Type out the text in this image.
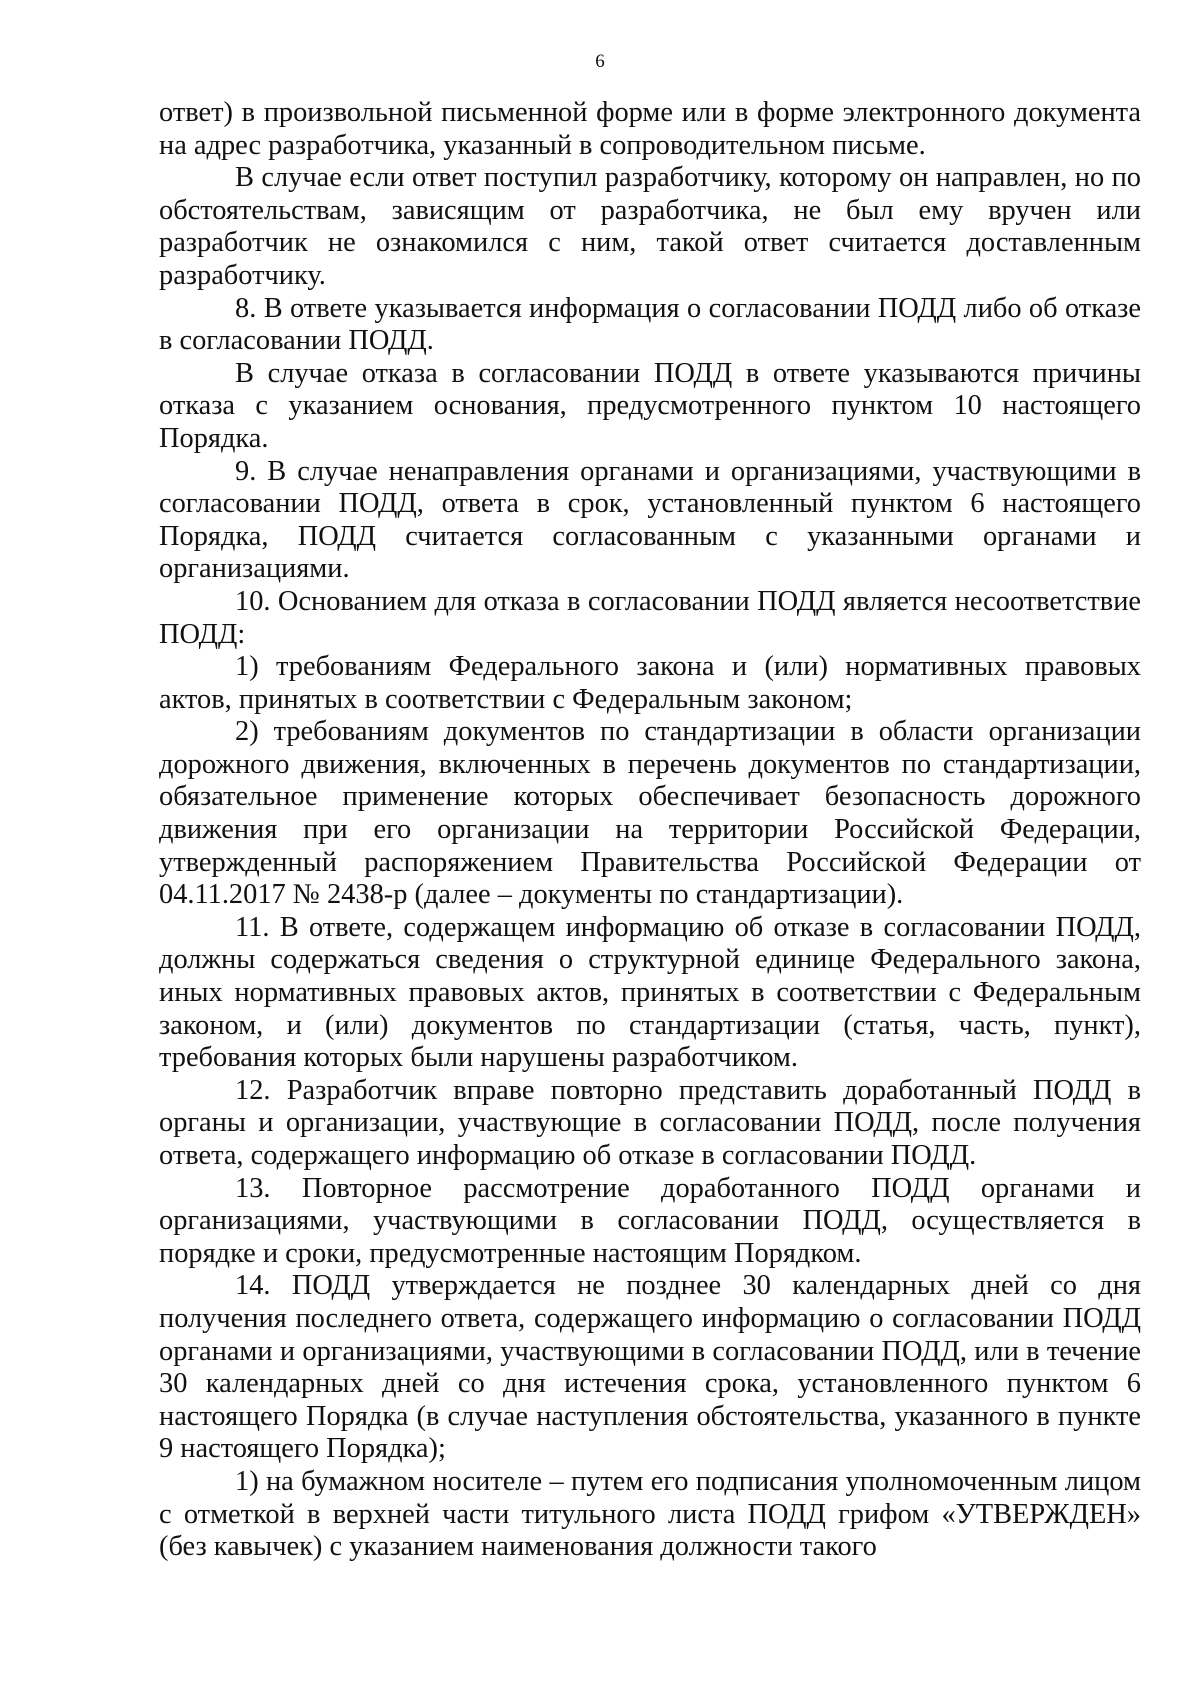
6

ответ) в произвольной письменной форме или в форме электронного документа на адрес разработчика, указанный в сопроводительном письме.

В случае если ответ поступил разработчику, которому он направлен, но по обстоятельствам, зависящим от разработчика, не был ему вручен или разработчик не ознакомился с ним, такой ответ считается доставленным разработчику.

8. В ответе указывается информация о согласовании ПОДД либо об отказе в согласовании ПОДД.

В случае отказа в согласовании ПОДД в ответе указываются причины отказа с указанием основания, предусмотренного пунктом 10 настоящего Порядка.

9. В случае ненаправления органами и организациями, участвующими в согласовании ПОДД, ответа в срок, установленный пунктом 6 настоящего Порядка, ПОДД считается согласованным с указанными органами и организациями.

10. Основанием для отказа в согласовании ПОДД является несоответствие ПОДД:

1) требованиям Федерального закона и (или) нормативных правовых актов, принятых в соответствии с Федеральным законом;

2) требованиям документов по стандартизации в области организации дорожного движения, включенных в перечень документов по стандартизации, обязательное применение которых обеспечивает безопасность дорожного движения при его организации на территории Российской Федерации, утвержденный распоряжением Правительства Российской Федерации от 04.11.2017 № 2438-р (далее – документы по стандартизации).

11. В ответе, содержащем информацию об отказе в согласовании ПОДД, должны содержаться сведения о структурной единице Федерального закона, иных нормативных правовых актов, принятых в соответствии с Федеральным законом, и (или) документов по стандартизации (статья, часть, пункт), требования которых были нарушены разработчиком.

12. Разработчик вправе повторно представить доработанный ПОДД в органы и организации, участвующие в согласовании ПОДД, после получения ответа, содержащего информацию об отказе в согласовании ПОДД.

13. Повторное рассмотрение доработанного ПОДД органами и организациями, участвующими в согласовании ПОДД, осуществляется в порядке и сроки, предусмотренные настоящим Порядком.

14. ПОДД утверждается не позднее 30 календарных дней со дня получения последнего ответа, содержащего информацию о согласовании ПОДД органами и организациями, участвующими в согласовании ПОДД, или в течение 30 календарных дней со дня истечения срока, установленного пунктом 6 настоящего Порядка (в случае наступления обстоятельства, указанного в пункте 9 настоящего Порядка);

1) на бумажном носителе – путем его подписания уполномоченным лицом с отметкой в верхней части титульного листа ПОДД грифом «УТВЕРЖДЕН» (без кавычек) с указанием наименования должности такого
